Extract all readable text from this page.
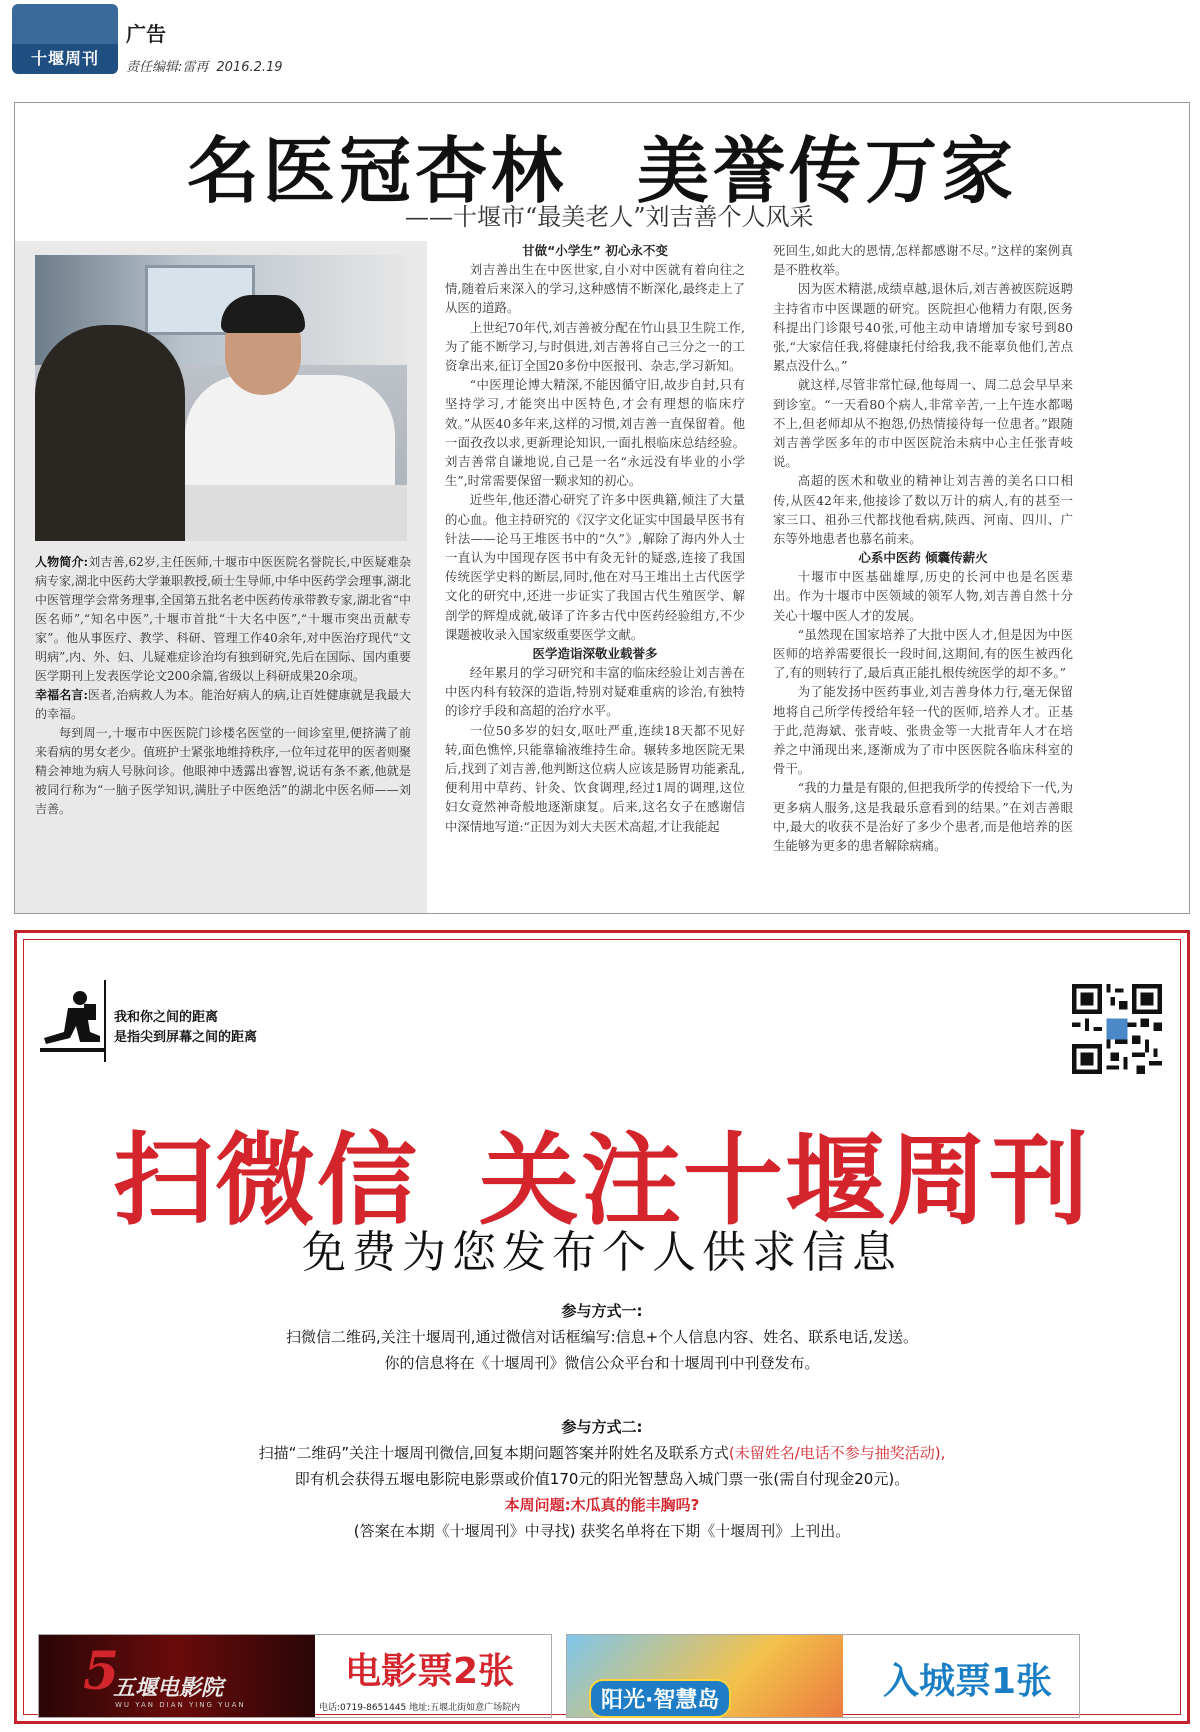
十堰周刊
广告
责任编辑:雷再 2016.2.19
名医冠杏林 美誉传万家
——十堰市“最美老人”刘吉善个人风采

人物简介:刘吉善,62岁,主任医师,十堰市中医医院名誉院长,中医疑难杂病专家,湖北中医药大学兼职教授,硕士生导师,中华中医药学会理事,湖北中医管理学会常务理事,全国第五批名老中医药传承带教专家,湖北省“中医名师”,“知名中医”,十堰市首批“十大名中医”,“十堰市突出贡献专家”。他从事医疗、教学、科研、管理工作40余年,对中医治疗现代“文明病”,内、外、妇、儿疑难症诊治均有独到研究,先后在国际、国内重要医学期刊上发表医学论文200余篇,省级以上科研成果20余项。

幸福名言:医者,治病救人为本。能治好病人的病,让百姓健康就是我最大的幸福。

每到周一,十堰市中医医院门诊楼名医堂的一间诊室里,便挤满了前来看病的男女老少。值班护士紧张地维持秩序,一位年过花甲的医者则聚精会神地为病人号脉问诊。他眼神中透露出睿智,说话有条不紊,他就是被同行称为“一脑子医学知识,满肚子中医绝活”的湖北中医名师——刘吉善。

甘做“小学生” 初心永不变

刘吉善出生在中医世家,自小对中医就有着向往之情,随着后来深入的学习,这种感情不断深化,最终走上了从医的道路。

上世纪70年代,刘吉善被分配在竹山县卫生院工作,为了能不断学习,与时俱进,刘吉善将自己三分之一的工资拿出来,征订全国20多份中医报刊、杂志,学习新知。

“中医理论博大精深,不能因循守旧,故步自封,只有坚持学习,才能突出中医特色,才会有理想的临床疗效。”从医40多年来,这样的习惯,刘吉善一直保留着。他一面孜孜以求,更新理论知识,一面扎根临床总结经验。刘吉善常自谦地说,自己是一名“永远没有毕业的小学生”,时常需要保留一颗求知的初心。

近些年,他还潜心研究了许多中医典籍,倾注了大量的心血。他主持研究的《汉字文化证实中国最早医书有针法——论马王堆医书中的“久”》,解除了海内外人士一直认为中国现存医书中有灸无针的疑惑,连接了我国传统医学史料的断层,同时,他在对马王堆出土古代医学文化的研究中,还进一步证实了我国古代生殖医学、解剖学的辉煌成就,破译了许多古代中医药经验组方,不少课题被收录入国家级重要医学文献。

医学造诣深敬业载誉多

经年累月的学习研究和丰富的临床经验让刘吉善在中医内科有较深的造诣,特别对疑难重病的诊治,有独特的诊疗手段和高超的治疗水平。

一位50多岁的妇女,呕吐严重,连续18天都不见好转,面色憔悴,只能靠输液维持生命。辗转多地医院无果后,找到了刘吉善,他判断这位病人应该是肠胃功能紊乱,便利用中草药、针灸、饮食调理,经过1周的调理,这位妇女竟然神奇般地逐渐康复。后来,这名女子在感谢信中深情地写道:“正因为刘大夫医术高超,才让我能起

死回生,如此大的恩情,怎样都感谢不尽。”这样的案例真是不胜枚举。

因为医术精湛,成绩卓越,退休后,刘吉善被医院返聘主持省市中医课题的研究。医院担心他精力有限,医务科提出门诊限号40张,可他主动申请增加专家号到80张,“大家信任我,将健康托付给我,我不能辜负他们,苦点累点没什么。”

就这样,尽管非常忙碌,他每周一、周二总会早早来到诊室。“一天看80个病人,非常辛苦,一上午连水都喝不上,但老师却从不抱怨,仍热情接待每一位患者。”跟随刘吉善学医多年的市中医医院治未病中心主任张青岐说。

高超的医术和敬业的精神让刘吉善的美名口口相传,从医42年来,他接诊了数以万计的病人,有的甚至一家三口、祖孙三代都找他看病,陕西、河南、四川、广东等外地患者也慕名前来。

心系中医药 倾囊传薪火

十堰市中医基础雄厚,历史的长河中也是名医辈出。作为十堰市中医领域的领军人物,刘吉善自然十分关心十堰中医人才的发展。

“虽然现在国家培养了大批中医人才,但是因为中医医师的培养需要很长一段时间,这期间,有的医生被西化了,有的则转行了,最后真正能扎根传统医学的却不多。”

为了能发扬中医药事业,刘吉善身体力行,毫无保留地将自己所学传授给年轻一代的医师,培养人才。正基于此,范海斌、张青岐、张贵金等一大批青年人才在培养之中涌现出来,逐渐成为了市中医医院各临床科室的骨干。

“我的力量是有限的,但把我所学的传授给下一代,为更多病人服务,这是我最乐意看到的结果。”在刘吉善眼中,最大的收获不是治好了多少个患者,而是他培养的医生能够为更多的患者解除病痛。

我和你之间的距离
是指尖到屏幕之间的距离
扫微信 关注十堰周刊
免费为您发布个人供求信息
参与方式一:
扫微信二维码,关注十堰周刊,通过微信对话框编写:信息+个人信息内容、姓名、联系电话,发送。
你的信息将在《十堰周刊》微信公众平台和十堰周刊中刊登发布。
参与方式二:
扫描“二维码”关注十堰周刊微信,回复本期问题答案并附姓名及联系方式(未留姓名/电话不参与抽奖活动),
即有机会获得五堰电影院电影票或价值170元的阳光智慧岛入城门票一张(需自付现金20元)。
本周问题:木瓜真的能丰胸吗?
(答案在本期《十堰周刊》中寻找) 获奖名单将在下期《十堰周刊》上刊出。
5
五堰电影院
WU YAN DIAN YING YUAN
电影票2张
电话:0719-8651445 地址:五堰北街如意广场院内	阳光·智慧岛	入城票1张
